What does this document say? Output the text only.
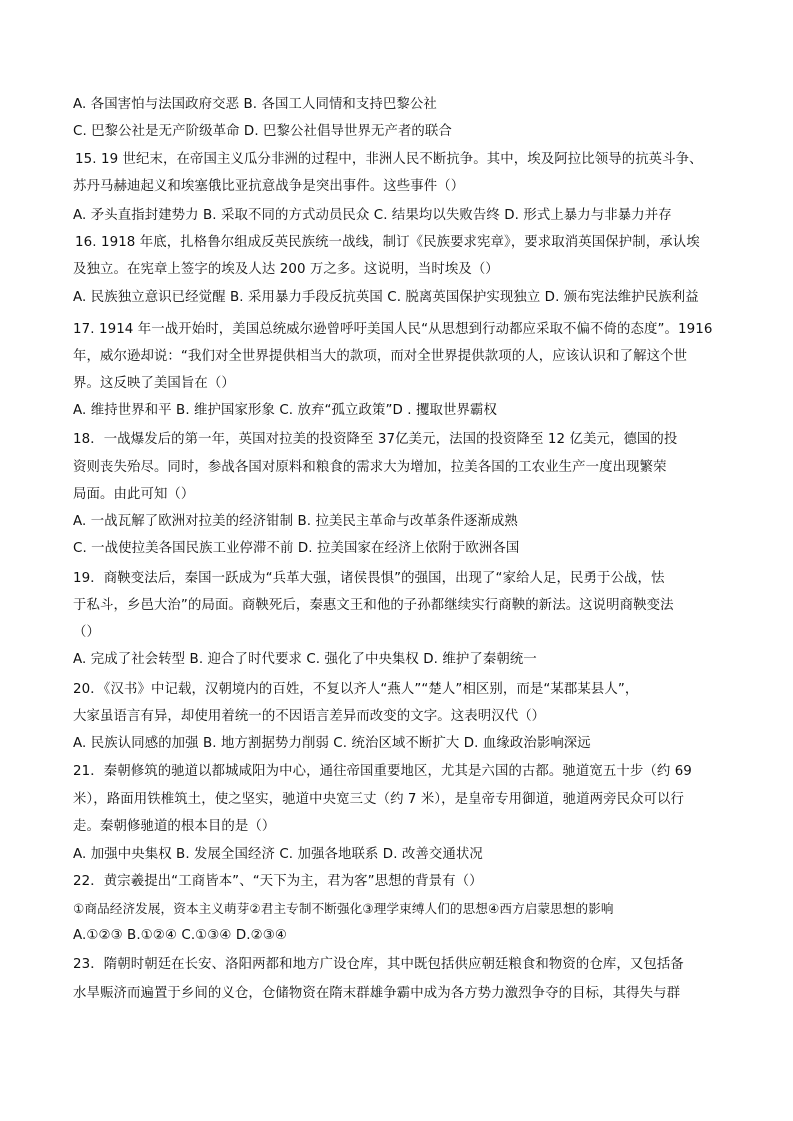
A. 各国害怕与法国政府交恶 B. 各国工人同情和支持巴黎公社
C. 巴黎公社是无产阶级革命 D. 巴黎公社倡导世界无产者的联合
15. 19 世纪末，在帝国主义瓜分非洲的过程中，非洲人民不断抗争。其中，埃及阿拉比领导的抗英斗争、
苏丹马赫迪起义和埃塞俄比亚抗意战争是突出事件。这些事件（）
A. 矛头直指封建势力 B. 采取不同的方式动员民众 C. 结果均以失败告终 D. 形式上暴力与非暴力并存
16. 1918 年底，扎格鲁尔组成反英民族统一战线，制订《民族要求宪章》，要求取消英国保护制，承认埃
及独立。在宪章上签字的埃及人达 200 万之多。这说明，当时埃及（）
A. 民族独立意识已经觉醒 B. 采用暴力手段反抗英国 C. 脱离英国保护实现独立 D. 颁布宪法维护民族利益
17. 1914 年一战开始时，美国总统威尔逊曾呼吁美国人民“从思想到行动都应采取不偏不倚的态度”。1916
年，威尔逊却说：“我们对全世界提供相当大的款项，而对全世界提供款项的人，应该认识和了解这个世
界。这反映了美国旨在（）
A. 维持世界和平 B. 维护国家形象 C. 放弃“孤立政策”D . 攫取世界霸权
18．一战爆发后的第一年，英国对拉美的投资降至 37亿美元，法国的投资降至 12 亿美元，德国的投
资则丧失殆尽。同时，参战各国对原料和粮食的需求大为增加，拉美各国的工农业生产一度出现繁荣
局面。由此可知（）
A. 一战瓦解了欧洲对拉美的经济钳制 B. 拉美民主革命与改革条件逐渐成熟
C. 一战使拉美各国民族工业停滞不前 D. 拉美国家在经济上依附于欧洲各国
19．商鞅变法后，秦国一跃成为“兵革大强，诸侯畏惧”的强国，出现了“家给人足，民勇于公战，怯
于私斗，乡邑大治”的局面。商鞅死后，秦惠文王和他的子孙都继续实行商鞅的新法。这说明商鞅变法
（）
A. 完成了社会转型 B. 迎合了时代要求 C. 强化了中央集权 D. 维护了秦朝统一
20．《汉书》中记载，汉朝境内的百姓，不复以齐人“燕人”“楚人”相区别，而是“某郡某县人”，
大家虽语言有异，却使用着统一的不因语言差异而改变的文字。这表明汉代（）
A. 民族认同感的加强 B. 地方割据势力削弱 C. 统治区域不断扩大 D. 血缘政治影响深远
21．秦朝修筑的驰道以都城咸阳为中心，通往帝国重要地区，尤其是六国的古都。驰道宽五十步（约 69
米），路面用铁椎筑土，使之坚实，驰道中央宽三丈（约 7 米），是皇帝专用御道，驰道两旁民众可以行
走。秦朝修驰道的根本目的是（）
A. 加强中央集权 B. 发展全国经济 C. 加强各地联系 D. 改善交通状况
22．黄宗羲提出“工商皆本”、“天下为主，君为客”思想的背景有（）
①商品经济发展，资本主义萌芽②君主专制不断强化③理学束缚人们的思想④西方启蒙思想的影响
A.①②③ B.①②④ C.①③④ D.②③④
23．隋朝时朝廷在长安、洛阳两都和地方广设仓库，其中既包括供应朝廷粮食和物资的仓库，又包括备
水旱赈济而遍置于乡间的义仓，仓储物资在隋末群雄争霸中成为各方势力激烈争夺的目标，其得失与群
